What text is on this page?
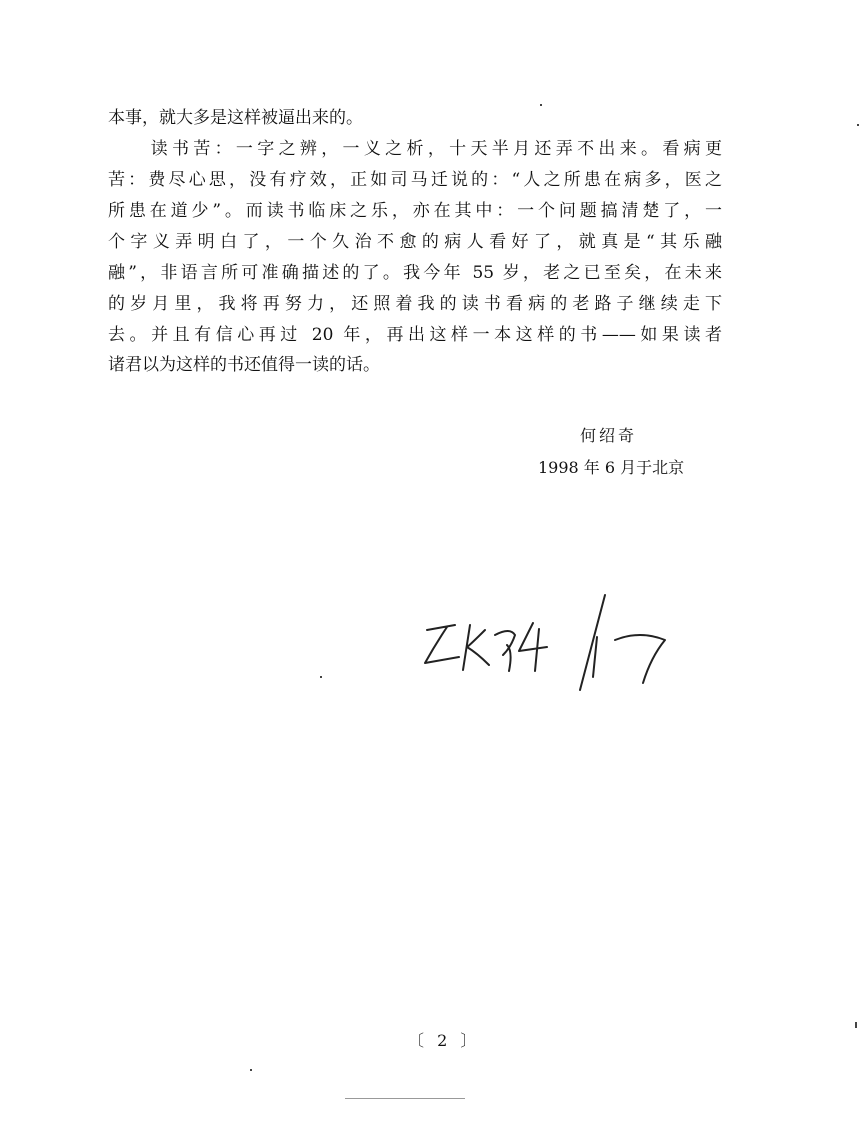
本事，就大多是这样被逼出来的。
　　读书苦：一字之辨，一义之析，十天半月还弄不出来。看病更
苦：费尽心思，没有疗效，正如司马迁说的：“人之所患在病多，医之
所患在道少”。而读书临床之乐，亦在其中：一个问题搞清楚了，一
个字义弄明白了，一个久治不愈的病人看好了，就真是“其乐融
融”，非语言所可准确描述的了。我今年 55 岁，老之已至矣，在未来
的岁月里，我将再努力，还照着我的读书看病的老路子继续走下
去。并且有信心再过 20 年，再出这样一本这样的书——如果读者
诸君以为这样的书还值得一读的话。
何绍奇
1998 年 6 月于北京
〔 2 〕
